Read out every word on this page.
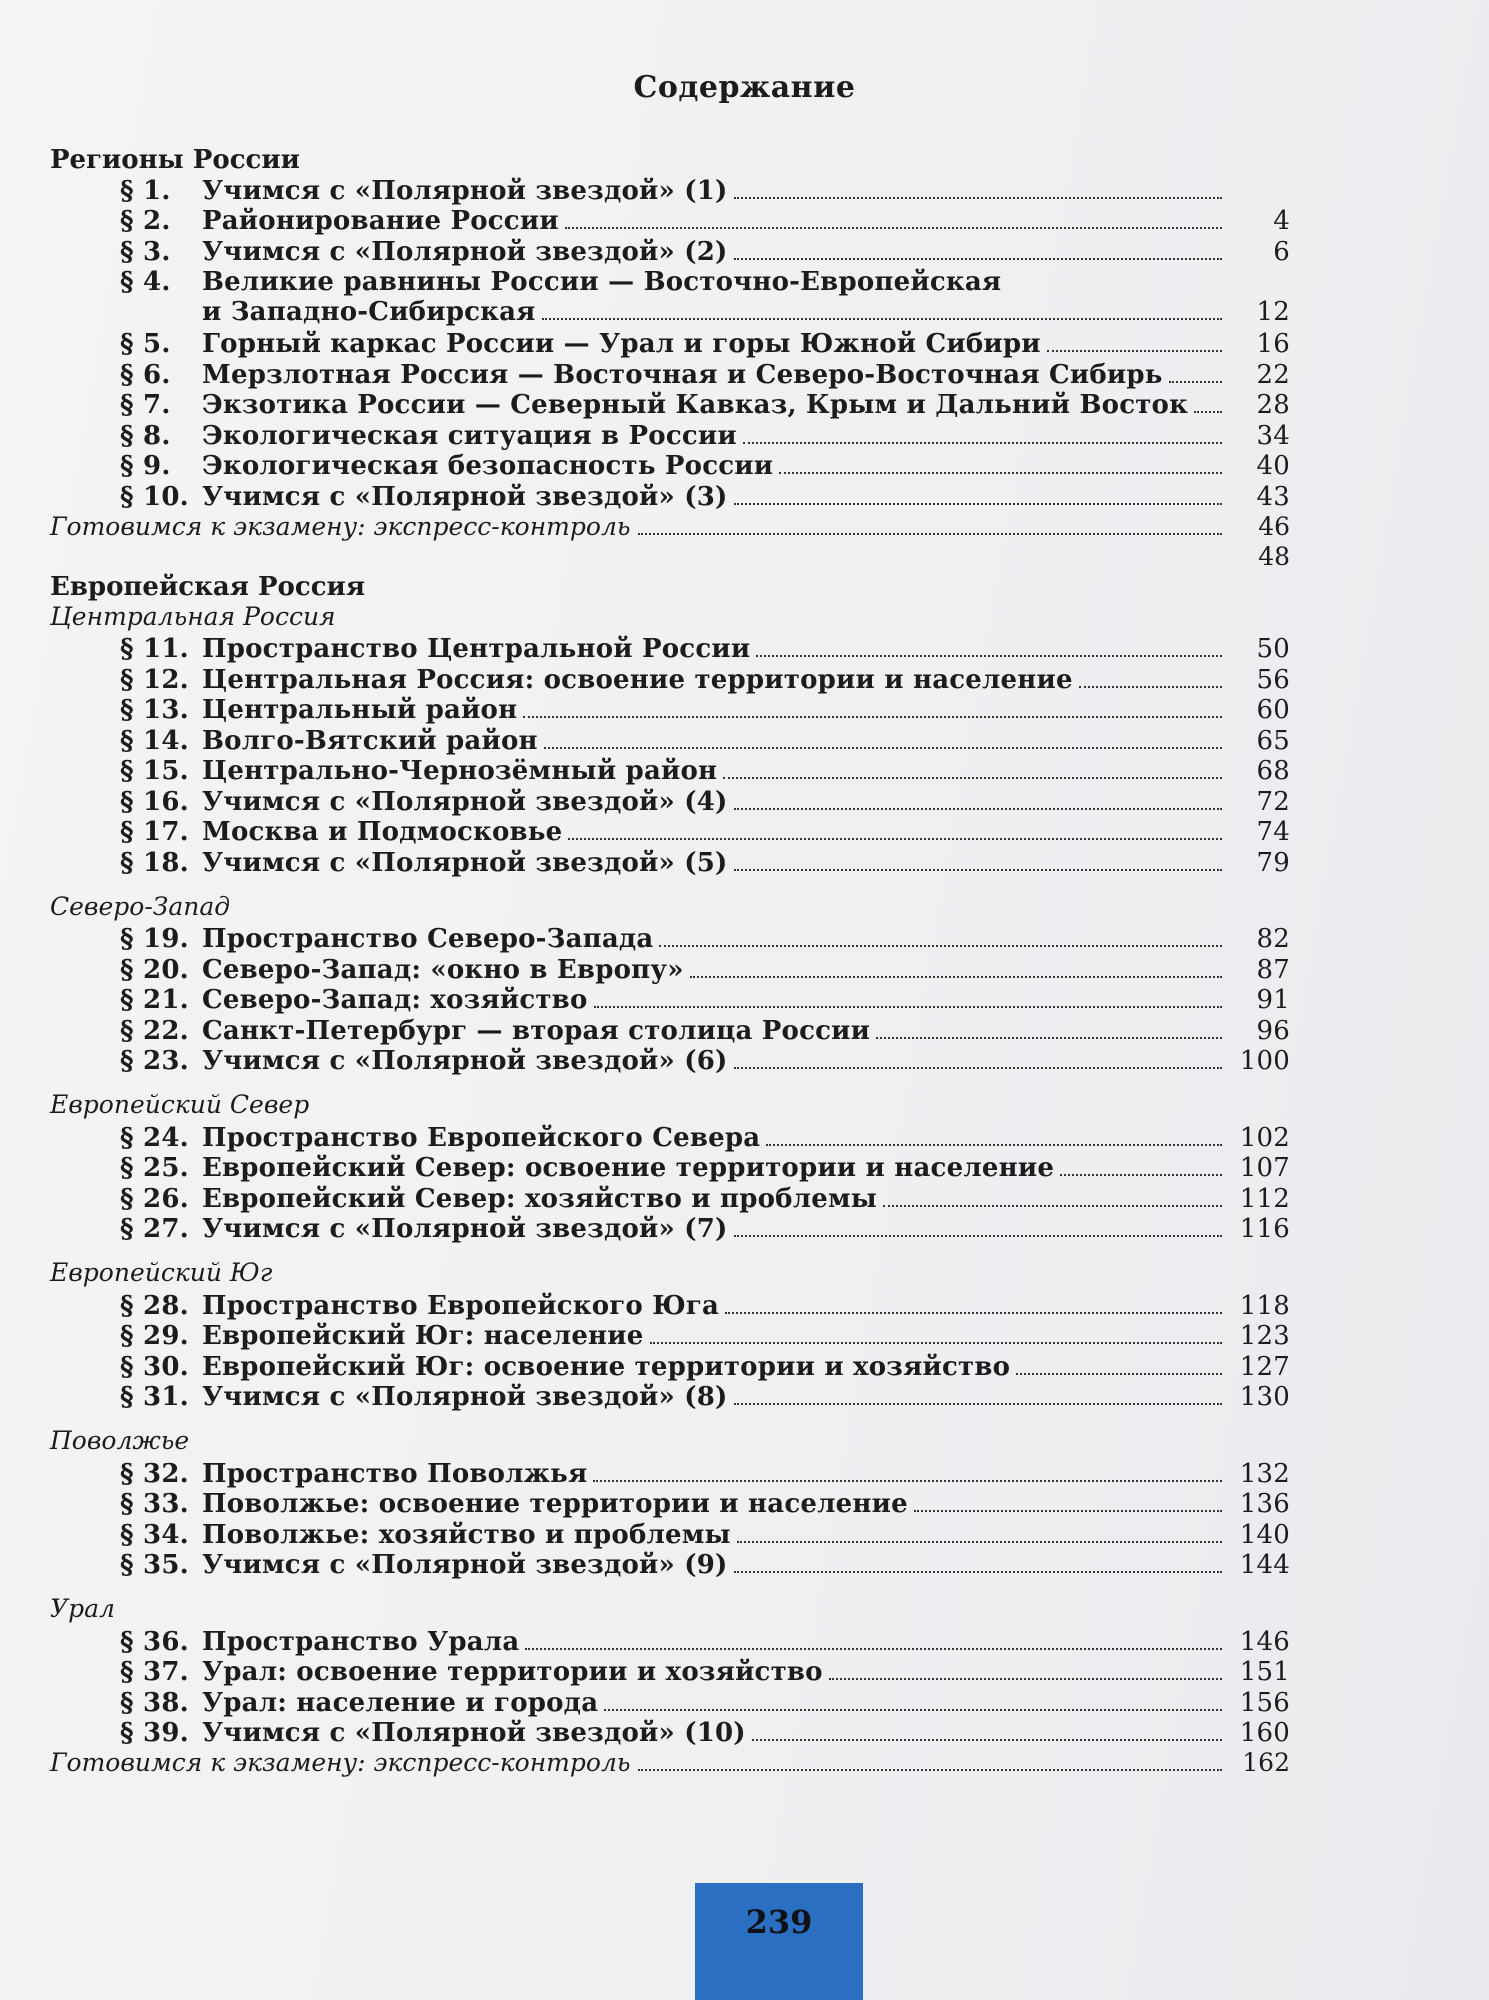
Содержание
Регионы России
§ 1.	Учимся с «Полярной звездой» (1)
§ 2.	Районирование России	4
§ 3.	Учимся с «Полярной звездой» (2)	6
§ 4.	Великие равнины России — Восточно-Европейская
и Западно-Сибирская	12
§ 5.	Горный каркас России — Урал и горы Южной Сибири	16
§ 6.	Мерзлотная Россия — Восточная и Северо-Восточная Сибирь	22
§ 7.	Экзотика России — Северный Кавказ, Крым и Дальний Восток	28
§ 8.	Экологическая ситуация в России	34
§ 9.	Экологическая безопасность России	40
§ 10. Учимся с «Полярной звездой» (3)	43
Готовимся к экзамену: экспресс-контроль	46
48
Европейская Россия
Центральная Россия
§ 11. Пространство Центральной России	50
§ 12. Центральная Россия: освоение территории и население	56
§ 13. Центральный район	60
§ 14. Волго-Вятский район	65
§ 15. Центрально-Чернозёмный район	68
§ 16. Учимся с «Полярной звездой» (4)	72
§ 17. Москва и Подмосковье	74
§ 18. Учимся с «Полярной звездой» (5)	79
Северо-Запад
§ 19. Пространство Северо-Запада	82
§ 20. Северо-Запад: «окно в Европу»	87
§ 21. Северо-Запад: хозяйство	91
§ 22. Санкт-Петербург — вторая столица России	96
§ 23. Учимся с «Полярной звездой» (6)	100
Европейский Север
§ 24. Пространство Европейского Севера	102
§ 25. Европейский Север: освоение территории и население	107
§ 26. Европейский Север: хозяйство и проблемы	112
§ 27. Учимся с «Полярной звездой» (7)	116
Европейский Юг
§ 28. Пространство Европейского Юга	118
§ 29. Европейский Юг: население	123
§ 30. Европейский Юг: освоение территории и хозяйство	127
§ 31. Учимся с «Полярной звездой» (8)	130
Поволжье
§ 32. Пространство Поволжья	132
§ 33. Поволжье: освоение территории и население	136
§ 34. Поволжье: хозяйство и проблемы	140
§ 35. Учимся с «Полярной звездой» (9)	144
Урал
§ 36. Пространство Урала	146
§ 37. Урал: освоение территории и хозяйство	151
§ 38. Урал: население и города	156
§ 39. Учимся с «Полярной звездой» (10)	160
Готовимся к экзамену: экспресс-контроль	162
239
